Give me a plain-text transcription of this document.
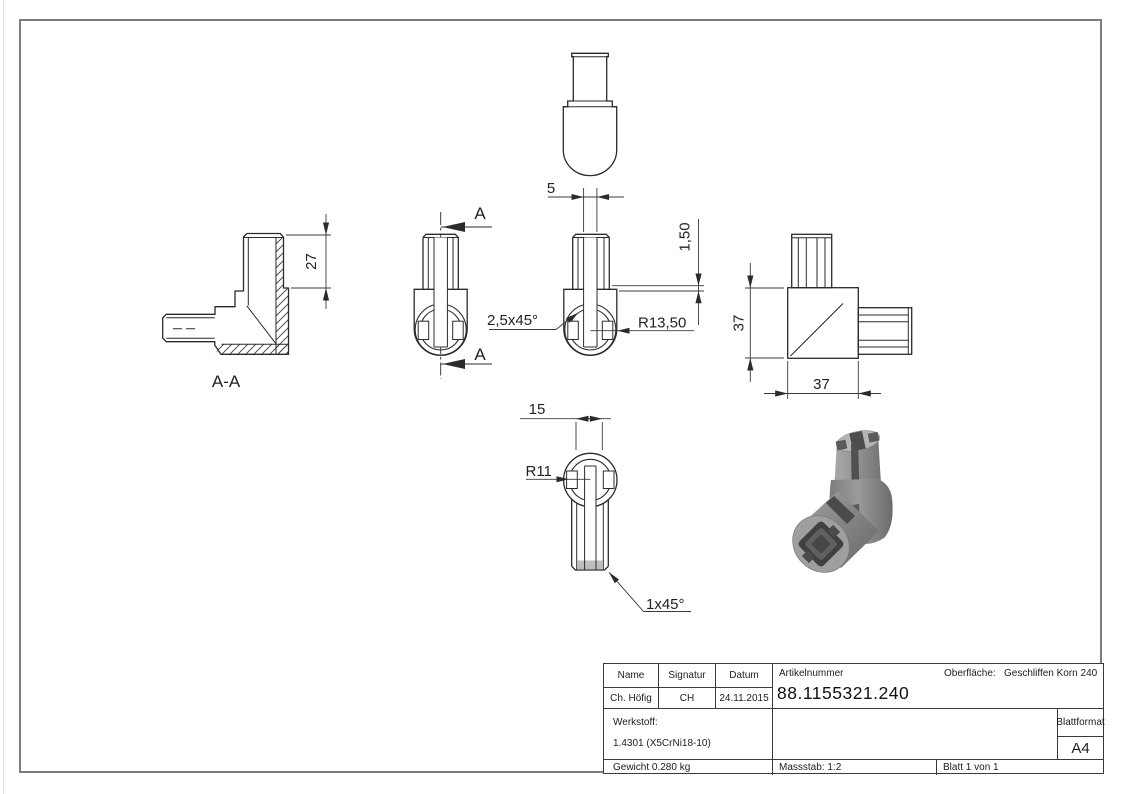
27
A-A
A
A
5
1,50
2,5x45°	R13,50	37
37
15
R11
1x45°
Name	Signatur	Datum
Ch. Höfig	CH	24.11.2015
Artikelnummer	Oberfläche: Geschliffen Korn 240
88.1155321.240
Werkstoff:
1.4301 (X5CrNi18-10)
Blattformat
A4
Gewicht 0.280 kg	Massstab: 1:2	Blatt 1 von 1
